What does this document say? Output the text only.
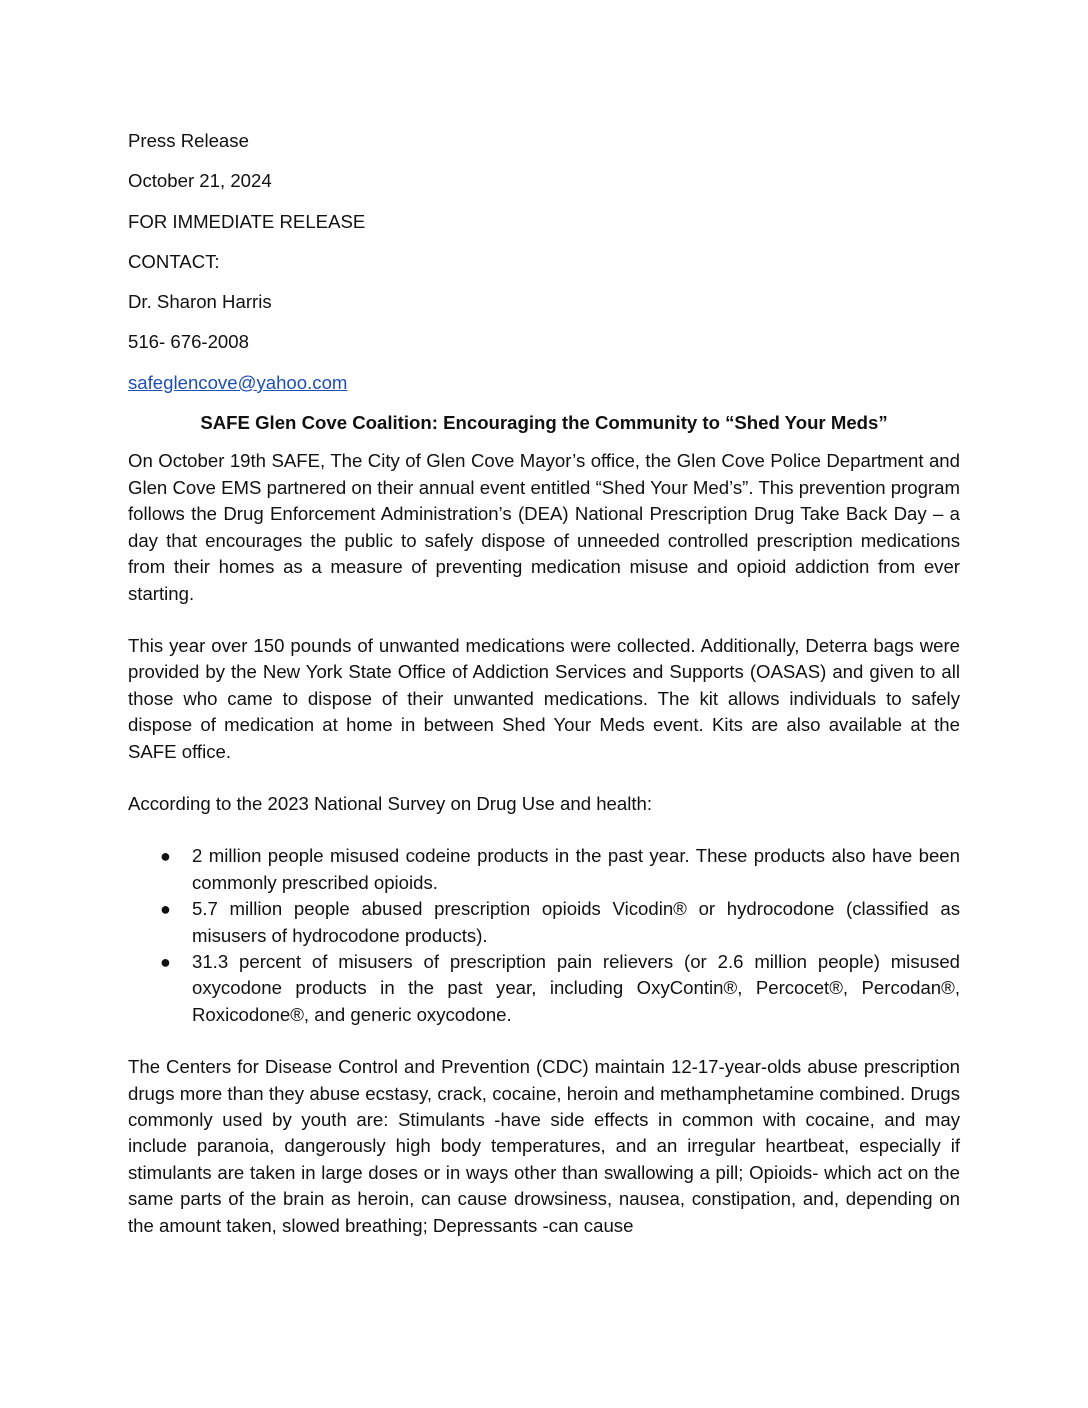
Press Release
October 21, 2024
FOR IMMEDIATE RELEASE
CONTACT:
Dr. Sharon Harris
516- 676-2008
safeglencove@yahoo.com
SAFE Glen Cove Coalition: Encouraging the Community to “Shed Your Meds”

On October 19th SAFE, The City of Glen Cove Mayor’s office, the Glen Cove Police Department and Glen Cove EMS partnered on their annual event entitled “Shed Your Med’s”. This prevention program follows the Drug Enforcement Administration’s (DEA) National Prescription Drug Take Back Day – a day that encourages the public to safely dispose of unneeded controlled prescription medications from their homes as a measure of preventing medication misuse and opioid addiction from ever starting.

This year over 150 pounds of unwanted medications were collected. Additionally, Deterra bags were provided by the New York State Office of Addiction Services and Supports (OASAS) and given to all those who came to dispose of their unwanted medications. The kit allows individuals to safely dispose of medication at home in between Shed Your Meds event. Kits are also available at the SAFE office.

According to the 2023 National Survey on Drug Use and health:

● 2 million people misused codeine products in the past year. These products also have been commonly prescribed opioids.
● 5.7 million people abused prescription opioids Vicodin® or hydrocodone (classified as misusers of hydrocodone products).
● 31.3 percent of misusers of prescription pain relievers (or 2.6 million people) misused oxycodone products in the past year, including OxyContin®, Percocet®, Percodan®, Roxicodone®, and generic oxycodone.

The Centers for Disease Control and Prevention (CDC) maintain 12-17-year-olds abuse prescription drugs more than they abuse ecstasy, crack, cocaine, heroin and methamphetamine combined. Drugs commonly used by youth are: Stimulants -have side effects in common with cocaine, and may include paranoia, dangerously high body temperatures, and an irregular heartbeat, especially if stimulants are taken in large doses or in ways other than swallowing a pill; Opioids- which act on the same parts of the brain as heroin, can cause drowsiness, nausea, constipation, and, depending on the amount taken, slowed breathing; Depressants -can cause
